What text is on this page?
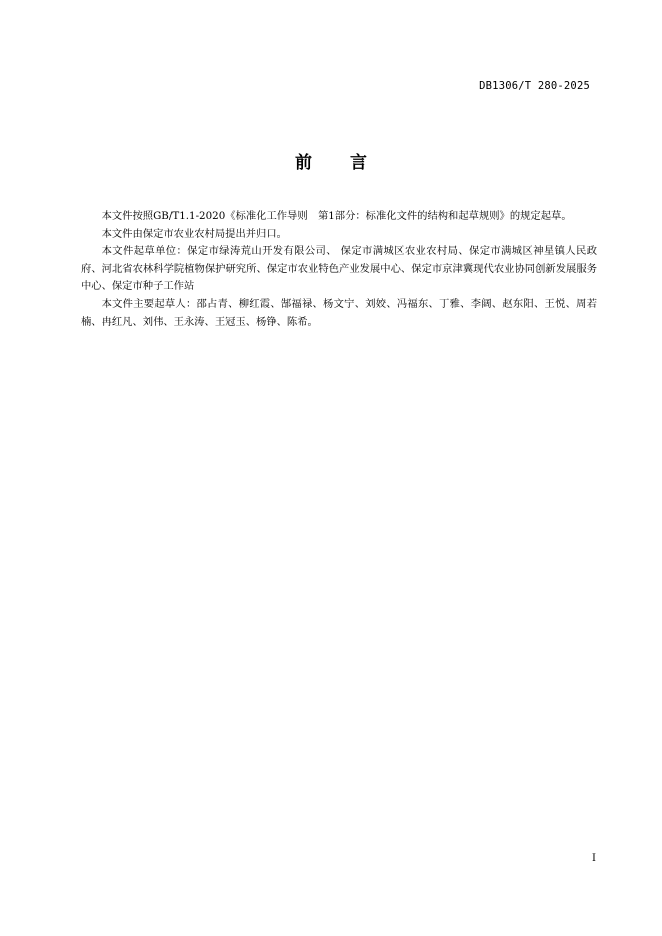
DB1306/T 280-2025
前 言

本文件按照GB/T1.1-2020《标准化工作导则　第1部分：标准化文件的结构和起草规则》的规定起草。

本文件由保定市农业农村局提出并归口。

本文件起草单位：保定市绿涛荒山开发有限公司、 保定市满城区农业农村局、保定市满城区神星镇人民政府、河北省农林科学院植物保护研究所、保定市农业特色产业发展中心、保定市京津冀现代农业协同创新发展服务中心、保定市种子工作站

本文件主要起草人：邵占青、柳红霞、郜福禄、杨文宁、刘姣、冯福东、丁雅、李阔、赵东阳、王悦、周若楠、冉红凡、刘伟、王永涛、王冠玉、杨铮、陈希。

I
